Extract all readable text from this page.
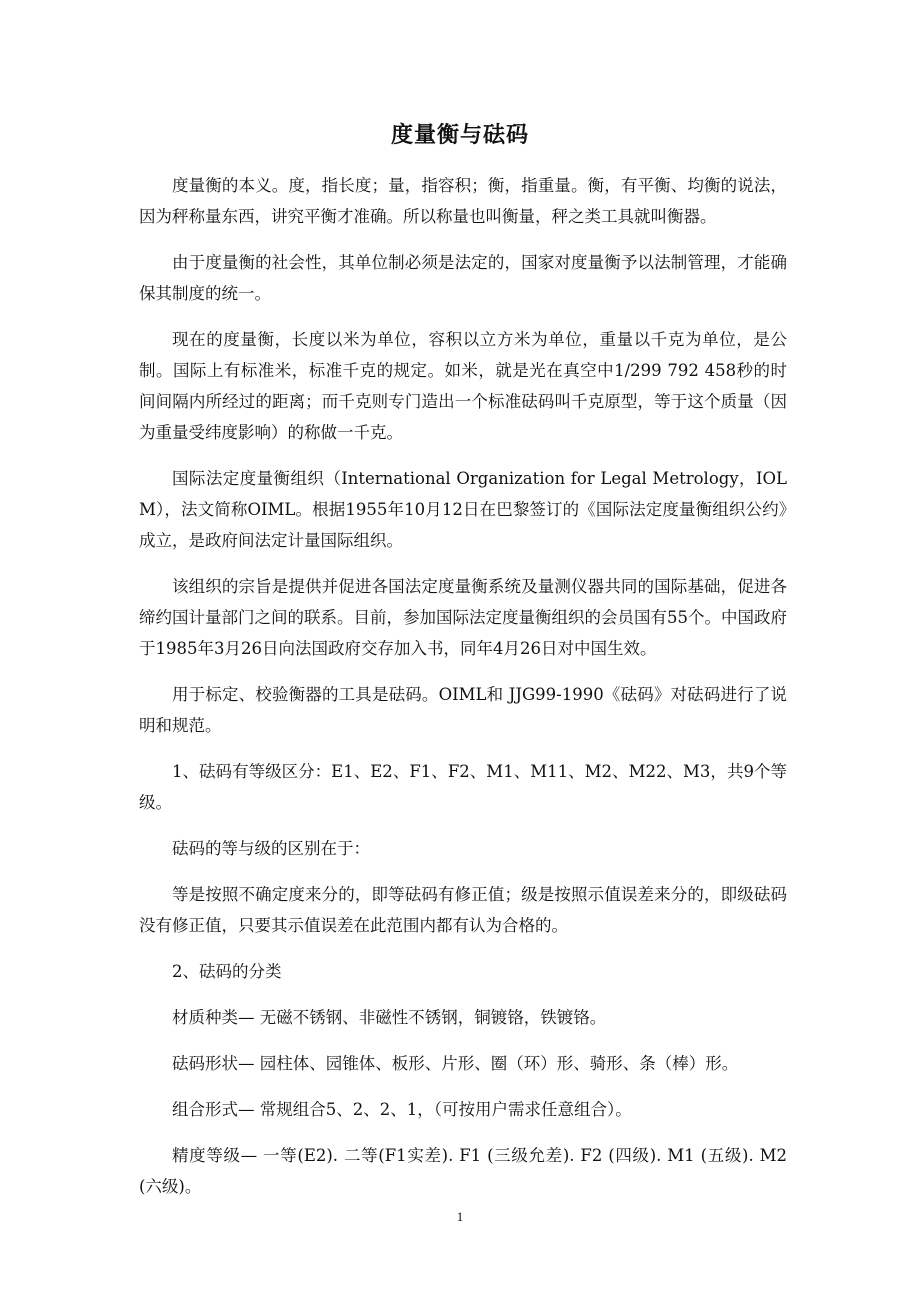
度量衡与砝码

度量衡的本义。度，指长度；量，指容积；衡，指重量。衡，有平衡、均衡的说法，因为秤称量东西，讲究平衡才准确。所以称量也叫衡量，秤之类工具就叫衡器。

由于度量衡的社会性，其单位制必须是法定的，国家对度量衡予以法制管理，才能确保其制度的统一。

现在的度量衡，长度以米为单位，容积以立方米为单位，重量以千克为单位，是公制。国际上有标准米，标准千克的规定。如米，就是光在真空中1/299 792 458秒的时间间隔内所经过的距离；而千克则专门造出一个标准砝码叫千克原型，等于这个质量（因为重量受纬度影响）的称做一千克。

国际法定度量衡组织（International Organization for Legal Metrology，IOLM），法文简称OIML。根据1955年10月12日在巴黎签订的《国际法定度量衡组织公约》成立，是政府间法定计量国际组织。

该组织的宗旨是提供并促进各国法定度量衡系统及量测仪器共同的国际基础，促进各缔约国计量部门之间的联系。目前，参加国际法定度量衡组织的会员国有55个。中国政府于1985年3月26日向法国政府交存加入书，同年4月26日对中国生效。

用于标定、校验衡器的工具是砝码。OIML和 JJG99-1990《砝码》对砝码进行了说明和规范。

1、砝码有等级区分：E1、E2、F1、F2、M1、M11、M2、M22、M3，共9个等级。

砝码的等与级的区别在于：

等是按照不确定度来分的，即等砝码有修正值；级是按照示值误差来分的，即级砝码没有修正值，只要其示值误差在此范围内都有认为合格的。

2、砝码的分类

材质种类— 无磁不锈钢、非磁性不锈钢，铜镀铬，铁镀铬。

砝码形状— 园柱体、园锥体、板形、片形、圈（环）形、骑形、条（棒）形。

组合形式— 常规组合5、2、2、1，（可按用户需求任意组合）。

精度等级— 一等(E2). 二等(F1实差). F1 (三级允差). F2 (四级). M1 (五级). M2(六级)。

1
